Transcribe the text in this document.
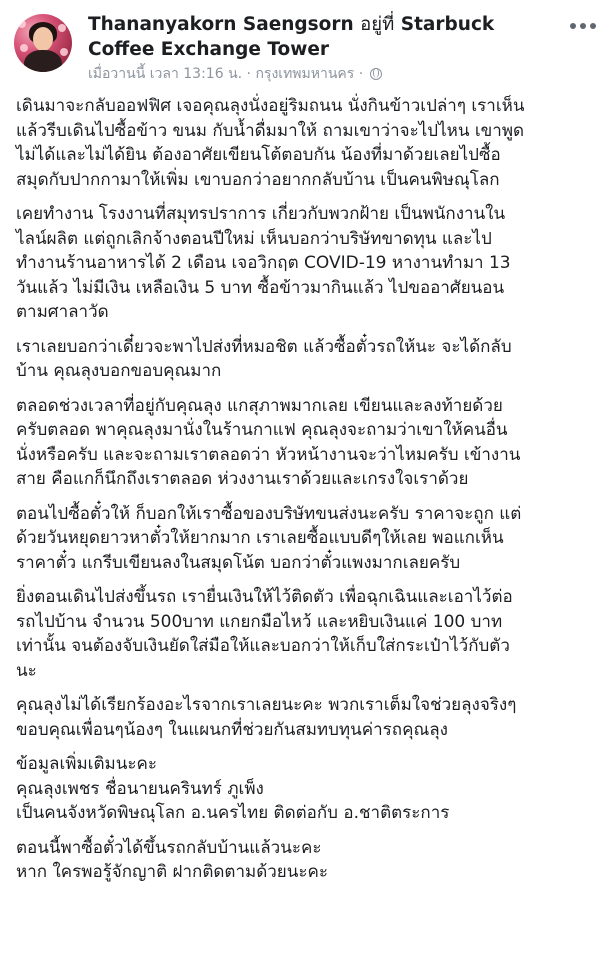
Thananyakorn Saengsorn อยู่ที่ Starbuck Coffee Exchange Tower
เมื่อวานนี้ เวลา 13:16 น. · กรุงเทพมหานคร ·

เดินมาจะกลับออฟฟิศ เจอคุณลุงนั่งอยู่ริมถนน นั่งกินข้าวเปล่าๆ เราเห็น
แล้วรีบเดินไปซื้อข้าว ขนม กับน้ำดื่มมาให้ ถามเขาว่าจะไปไหน เขาพูด
ไม่ได้และไม่ได้ยิน ต้องอาศัยเขียนโต้ตอบกัน น้องที่มาด้วยเลยไปซื้อ
สมุดกับปากกามาให้เพิ่ม เขาบอกว่าอยากกลับบ้าน เป็นคนพิษณุโลก

เคยทำงาน โรงงานที่สมุทรปราการ เกี่ยวกับพวกฝ้าย เป็นพนักงานใน
ไลน์ผลิต แต่ถูกเลิกจ้างตอนปีใหม่ เห็นบอกว่าบริษัทขาดทุน และไป
ทำงานร้านอาหารได้ 2 เดือน เจอวิกฤต COVID-19 หางานทำมา 13
วันแล้ว ไม่มีเงิน เหลือเงิน 5 บาท ซื้อข้าวมากินแล้ว ไปขออาศัยนอน
ตามศาลาวัด

เราเลยบอกว่าเดี๋ยวจะพาไปส่งที่หมอชิต แล้วซื้อตั๋วรถให้นะ จะได้กลับ
บ้าน คุณลุงบอกขอบคุณมาก

ตลอดช่วงเวลาที่อยู่กับคุณลุง แกสุภาพมากเลย เขียนและลงท้ายด้วย
ครับตลอด พาคุณลุงมานั่งในร้านกาแฟ คุณลุงจะถามว่าเขาให้คนอื่น
นั่งหรือครับ และจะถามเราตลอดว่า หัวหน้างานจะว่าไหมครับ เข้างาน
สาย คือแกก็นึกถึงเราตลอด ห่วงงานเราด้วยและเกรงใจเราด้วย

ตอนไปซื้อตั๋วให้ ก็บอกให้เราซื้อของบริษัทขนส่งนะครับ ราคาจะถูก แต่
ด้วยวันหยุดยาวหาตั๋วให้ยากมาก เราเลยซื้อแบบดีๆให้เลย พอแกเห็น
ราคาตั๋ว แกรีบเขียนลงในสมุดโน้ต บอกว่าตั๋วแพงมากเลยครับ

ยิ่งตอนเดินไปส่งขึ้นรถ เรายื่นเงินให้ไว้ติดตัว เพื่อฉุกเฉินและเอาไว้ต่อ
รถไปบ้าน จำนวน 500บาท แกยกมือไหว้ และหยิบเงินแค่ 100 บาท
เท่านั้น จนต้องจับเงินยัดใส่มือให้และบอกว่าให้เก็บใส่กระเป๋าไว้กับตัว
นะ

คุณลุงไม่ได้เรียกร้องอะไรจากเราเลยนะคะ พวกเราเต็มใจช่วยลุงจริงๆ
ขอบคุณเพื่อนๆน้องๆ ในแผนกที่ช่วยกันสมทบทุนค่ารถคุณลุง

ข้อมูลเพิ่มเติมนะคะ
คุณลุงเพชร ชื่อนายนครินทร์ ภูเพ็ง
เป็นคนจังหวัดพิษณุโลก อ.นครไทย ติดต่อกับ อ.ชาติตระการ

ตอนนี้พาซื้อตั๋วได้ขึ้นรถกลับบ้านแล้วนะคะ
หาก ใครพอรู้จักญาติ ฝากติดตามด้วยนะคะ
